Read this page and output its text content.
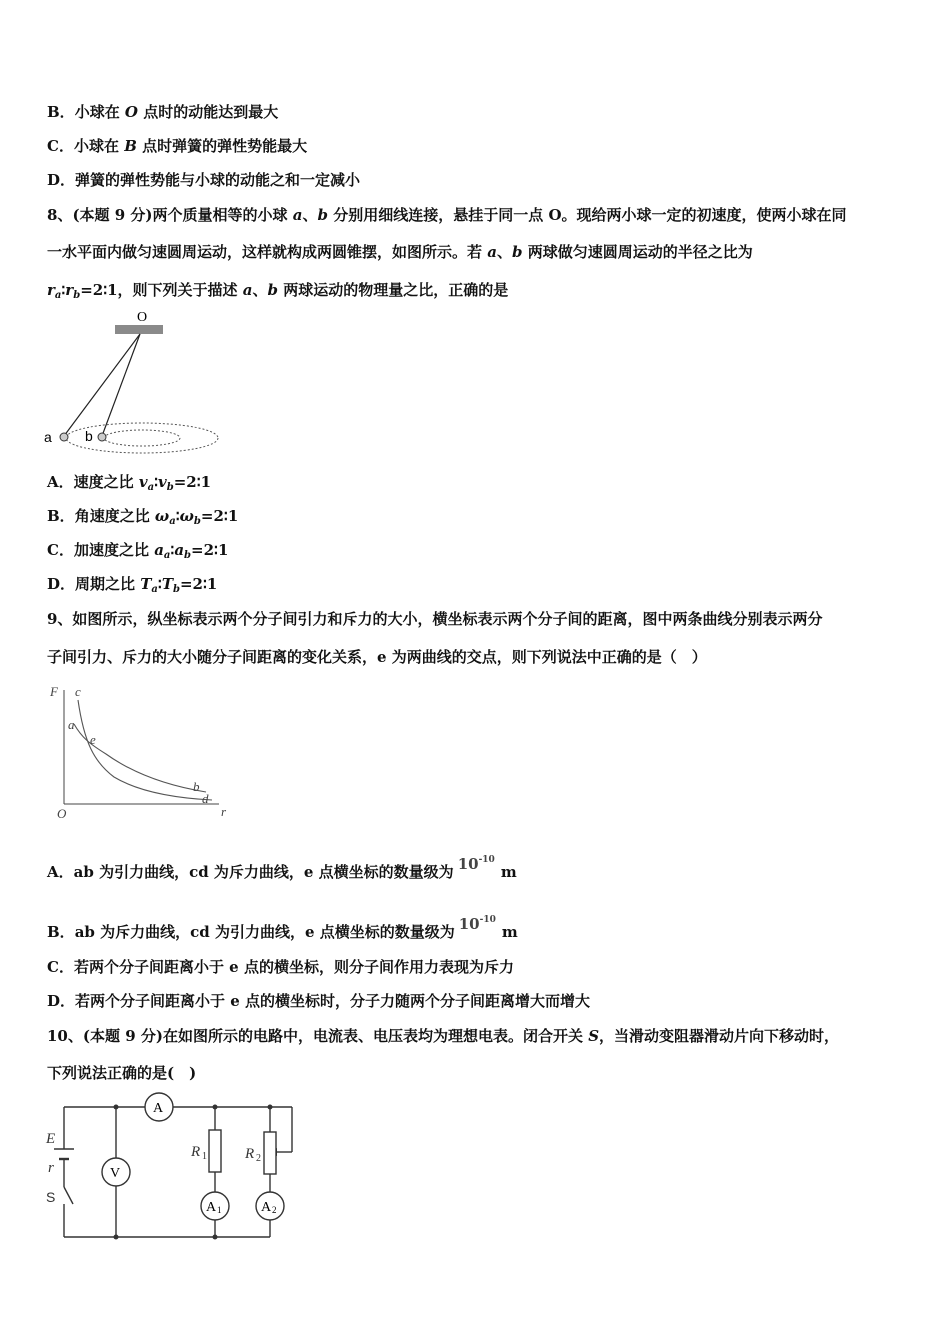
B．小球在 O 点时的动能达到最大
C．小球在 B 点时弹簧的弹性势能最大
D．弹簧的弹性势能与小球的动能之和一定减小
8、(本题 9 分)两个质量相等的小球 a、b 分别用细线连接，悬挂于同一点 O。现给两小球一定的初速度，使两小球在同
一水平面内做匀速圆周运动，这样就构成两圆锥摆，如图所示。若 a、b 两球做匀速圆周运动的半径之比为
$r_a∶r_b=2∶1$，则下列关于描述 a、b 两球运动的物理量之比，正确的是
O
a b
A．速度之比 $v_a∶v_b=2∶1$
B．角速度之比 $\omega_a∶\omega_b=2∶1$
C．加速度之比 $a_a∶a_b=2∶1$
D．周期之比 $T_a∶T_b=2∶1$
9、如图所示，纵坐标表示两个分子间引力和斥力的大小，横坐标表示两个分子间的距离，图中两条曲线分别表示两分
子间引力、斥力的大小随分子间距离的变化关系，e 为两曲线的交点，则下列说法中正确的是（　）
F
r
O
c
a
e
b
d
A．ab 为引力曲线，cd 为斥力曲线，e 点横坐标的数量级为 $10^{-10}m$
B．ab 为斥力曲线，cd 为引力曲线，e 点横坐标的数量级为 $10^{-10}m$
C．若两个分子间距离小于 e 点的横坐标，则分子间作用力表现为斥力
D．若两个分子间距离小于 e 点的横坐标时，分子力随两个分子间距离增大而增大
10、(本题 9 分)在如图所示的电路中，电流表、电压表均为理想电表。闭合开关 S，当滑动变阻器滑动片向下移动时，
下列说法正确的是(　)
A
V
A 1	A 2
E
r
S
R 1	R 2
